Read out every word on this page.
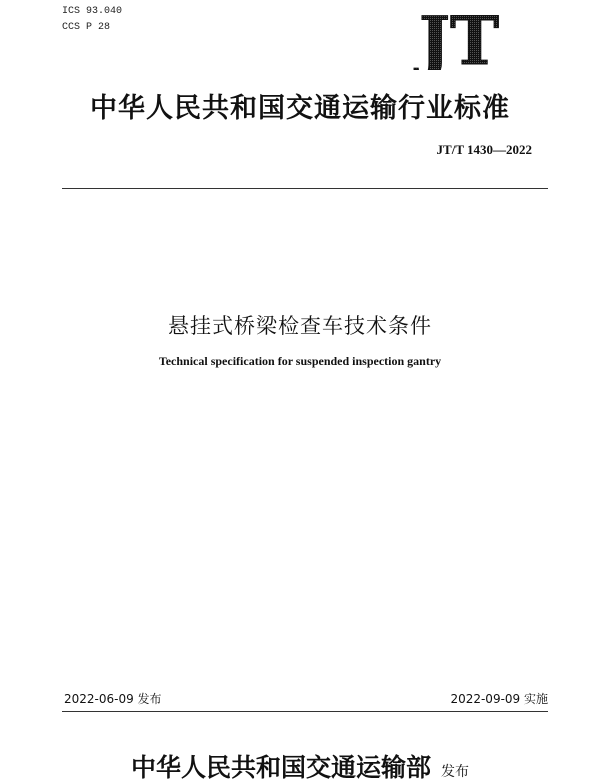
ICS 93.040
CCS P 28	JT
中华人民共和国交通运输行业标准
JT/T 1430—2022
悬挂式桥梁检查车技术条件
Technical specification for suspended inspection gantry
2022-06-09 发布	2022-09-09 实施
中华人民共和国交通运输部 发布
